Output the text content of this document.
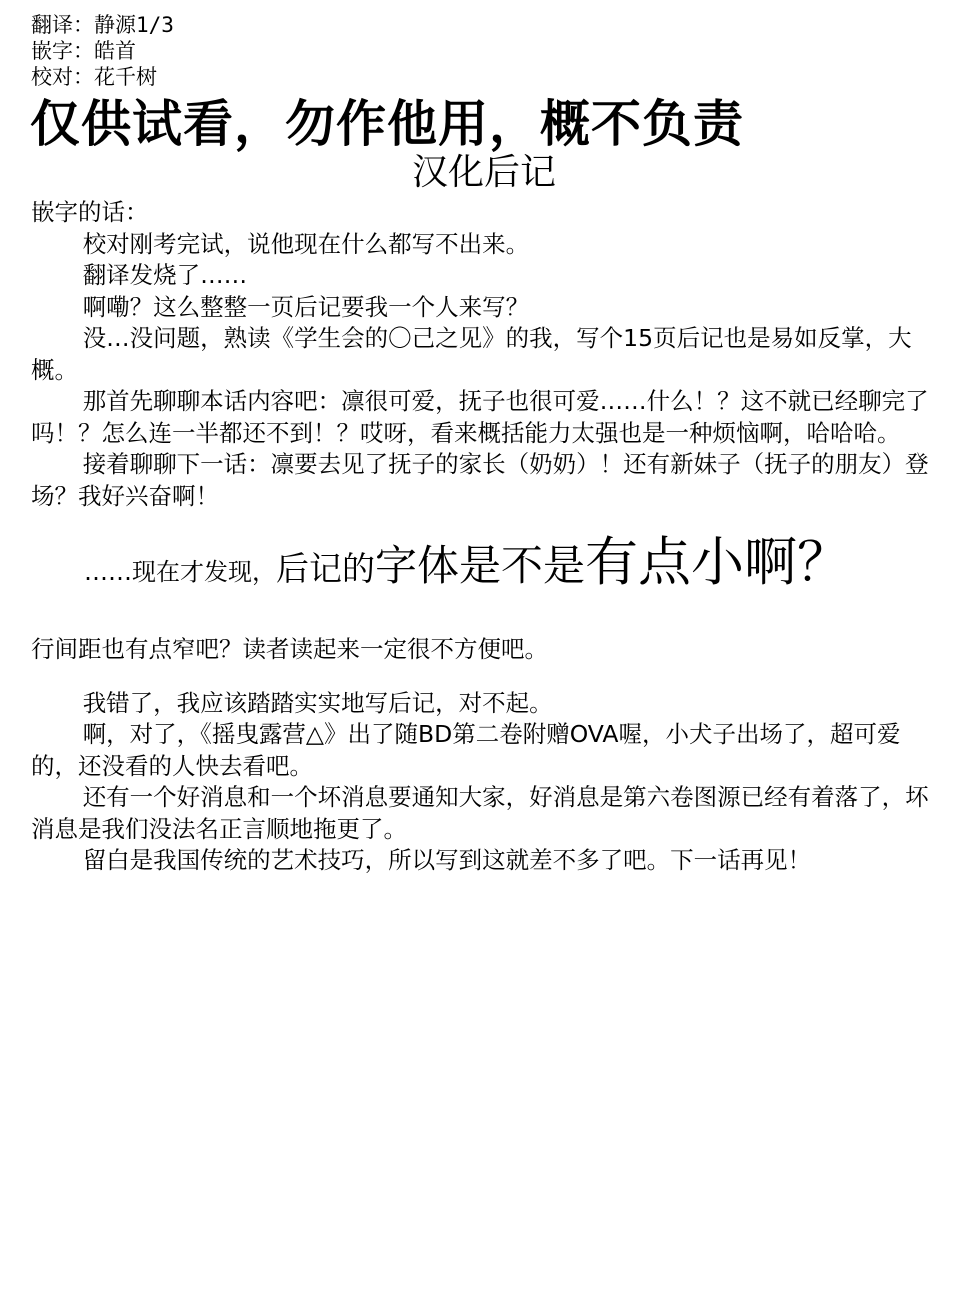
翻译：静源1/3
嵌字：皓首
校对：花千树
仅供试看，勿作他用，概不负责
汉化后记

嵌字的话：

校对刚考完试，说他现在什么都写不出来。

翻译发烧了……

啊嘞？这么整整一页后记要我一个人来写？

没…没问题，熟读《学生会的〇己之见》的我，写个15页后记也是易如反掌，大概。

那首先聊聊本话内容吧：凛很可爱，抚子也很可爱……什么！？这不就已经聊完了吗！？怎么连一半都还不到！？哎呀，看来概括能力太强也是一种烦恼啊，哈哈哈。

接着聊聊下一话：凛要去见了抚子的家长（奶奶）！还有新妹子（抚子的朋友）登场？我好兴奋啊！

……现在才发现，后记的字体是不是有点小啊？

行间距也有点窄吧？读者读起来一定很不方便吧。

我错了，我应该踏踏实实地写后记，对不起。

啊，对了，《摇曳露营△》出了随BD第二卷附赠OVA喔，小犬子出场了，超可爱的，还没看的人快去看吧。

还有一个好消息和一个坏消息要通知大家，好消息是第六卷图源已经有着落了，坏消息是我们没法名正言顺地拖更了。

留白是我国传统的艺术技巧，所以写到这就差不多了吧。下一话再见！
